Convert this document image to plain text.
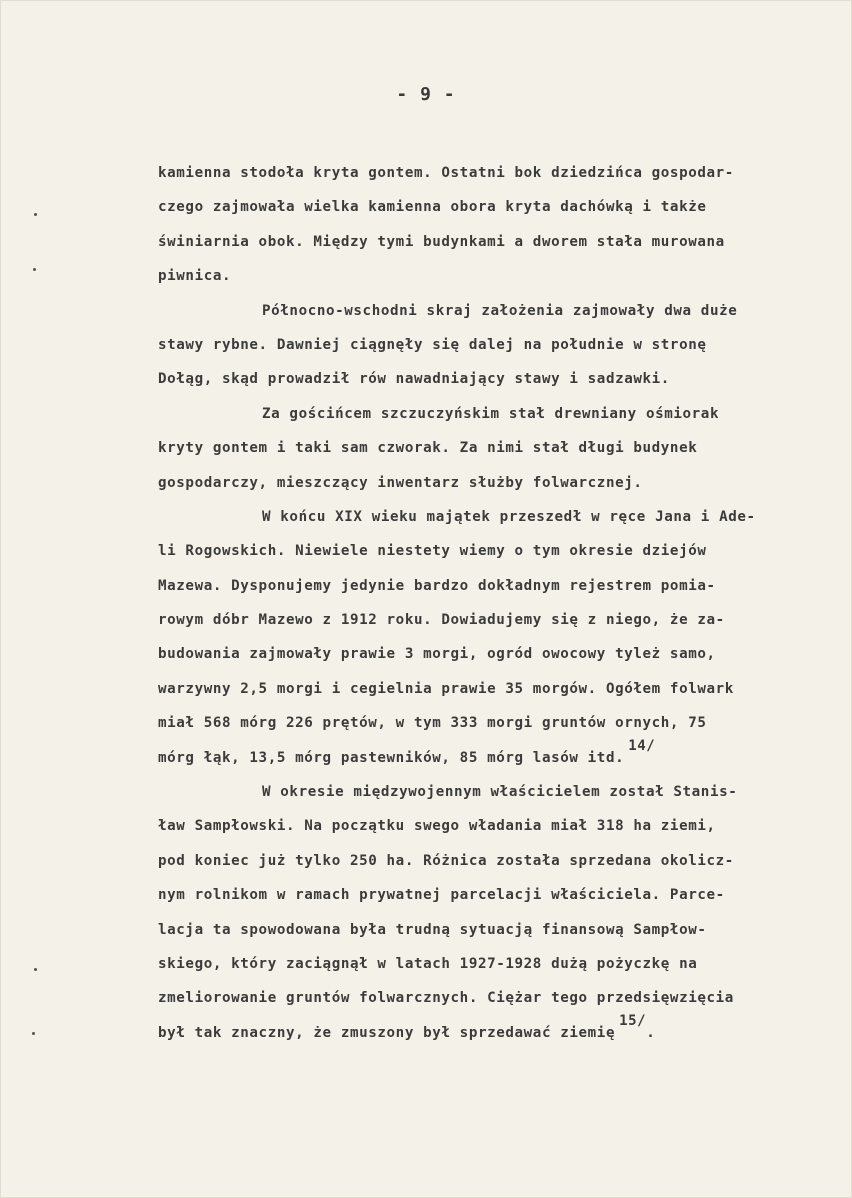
- 9 -
kamienna stodoła kryta gontem. Ostatni bok dziedzińca gospodar-
czego zajmowała wielka kamienna obora kryta dachówką i także
świniarnia obok. Między tymi budynkami a dworem stała murowana
piwnica.
Północno-wschodni skraj założenia zajmowały dwa duże
stawy rybne. Dawniej ciągnęły się dalej na południe w stronę
Dołąg, skąd prowadził rów nawadniający stawy i sadzawki.
Za gościńcem szczuczyńskim stał drewniany ośmiorak
kryty gontem i taki sam czworak. Za nimi stał długi budynek
gospodarczy, mieszczący inwentarz służby folwarcznej.
W końcu XIX wieku majątek przeszedł w ręce Jana i Ade-
li Rogowskich. Niewiele niestety wiemy o tym okresie dziejów
Mazewa. Dysponujemy jedynie bardzo dokładnym rejestrem pomia-
rowym dóbr Mazewo z 1912 roku. Dowiadujemy się z niego, że za-
budowania zajmowały prawie 3 morgi, ogród owocowy tyleż samo,
warzywny 2,5 morgi i cegielnia prawie 35 morgów. Ogółem folwark
miał 568 mórg 226 prętów, w tym 333 morgi gruntów ornych, 75
mórg łąk, 13,5 mórg pastewników, 85 mórg lasów itd.14/
W okresie międzywojennym właścicielem został Stanis-
ław Sampłowski. Na początku swego władania miał 318 ha ziemi,
pod koniec już tylko 250 ha. Różnica została sprzedana okolicz-
nym rolnikom w ramach prywatnej parcelacji właściciela. Parce-
lacja ta spowodowana była trudną sytuacją finansową Sampłow-
skiego, który zaciągnął w latach 1927-1928 dużą pożyczkę na
zmeliorowanie gruntów folwarcznych. Ciężar tego przedsięwzięcia
był tak znaczny, że zmuszony był sprzedawać ziemię15/.
